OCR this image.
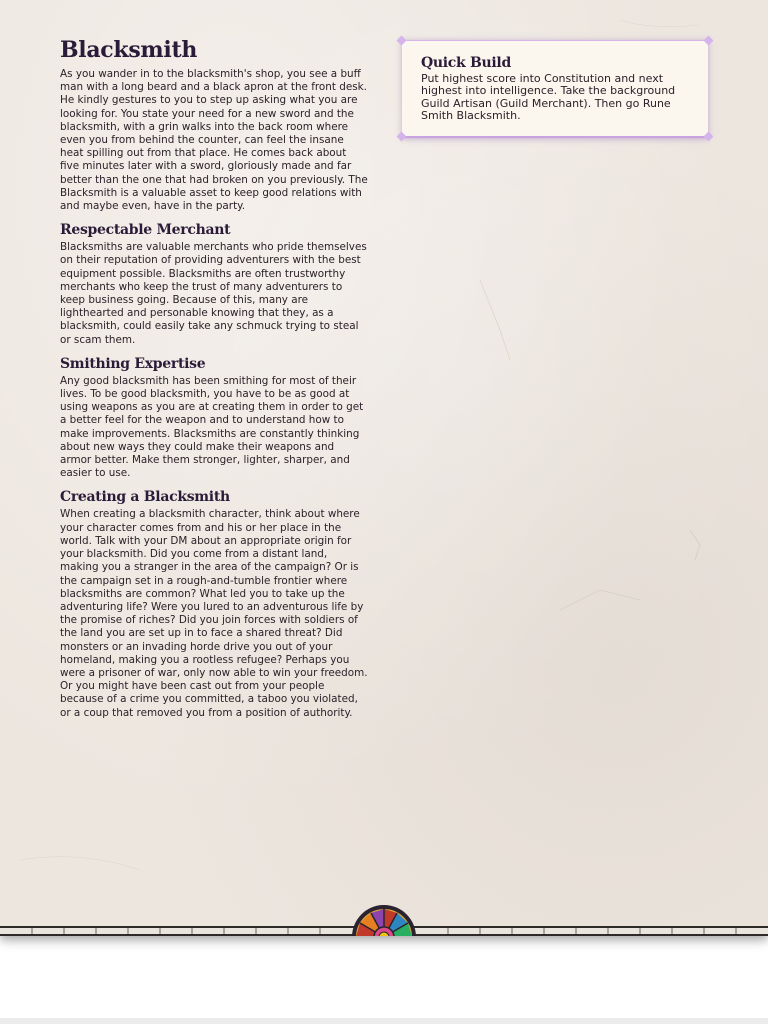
Blacksmith

As you wander in to the blacksmith's shop, you see a buff man with a long beard and a black apron at the front desk. He kindly gestures to you to step up asking what you are looking for. You state your need for a new sword and the blacksmith, with a grin walks into the back room where even you from behind the counter, can feel the insane heat spilling out from that place. He comes back about five minutes later with a sword, gloriously made and far better than the one that had broken on you previously. The Blacksmith is a valuable asset to keep good relations with and maybe even, have in the party.

Respectable Merchant

Blacksmiths are valuable merchants who pride themselves on their reputation of providing adventurers with the best equipment possible. Blacksmiths are often trustworthy merchants who keep the trust of many adventurers to keep business going. Because of this, many are lighthearted and personable knowing that they, as a blacksmith, could easily take any schmuck trying to steal or scam them.

Smithing Expertise

Any good blacksmith has been smithing for most of their lives. To be good blacksmith, you have to be as good at using weapons as you are at creating them in order to get a better feel for the weapon and to understand how to make improvements. Blacksmiths are constantly thinking about new ways they could make their weapons and armor better. Make them stronger, lighter, sharper, and easier to use.

Creating a Blacksmith

When creating a blacksmith character, think about where your character comes from and his or her place in the world. Talk with your DM about an appropriate origin for your blacksmith. Did you come from a distant land, making you a stranger in the area of the campaign? Or is the campaign set in a rough-and-tumble frontier where blacksmiths are common? What led you to take up the adventuring life? Were you lured to an adventurous life by the promise of riches? Did you join forces with soldiers of the land you are set up in to face a shared threat? Did monsters or an invading horde drive you out of your homeland, making you a rootless refugee? Perhaps you were a prisoner of war, only now able to win your freedom. Or you might have been cast out from your people because of a crime you committed, a taboo you violated, or a coup that removed you from a position of authority.

Quick Build

Put highest score into Constitution and next highest into intelligence. Take the background Guild Artisan (Guild Merchant). Then go Rune Smith Blacksmith.
